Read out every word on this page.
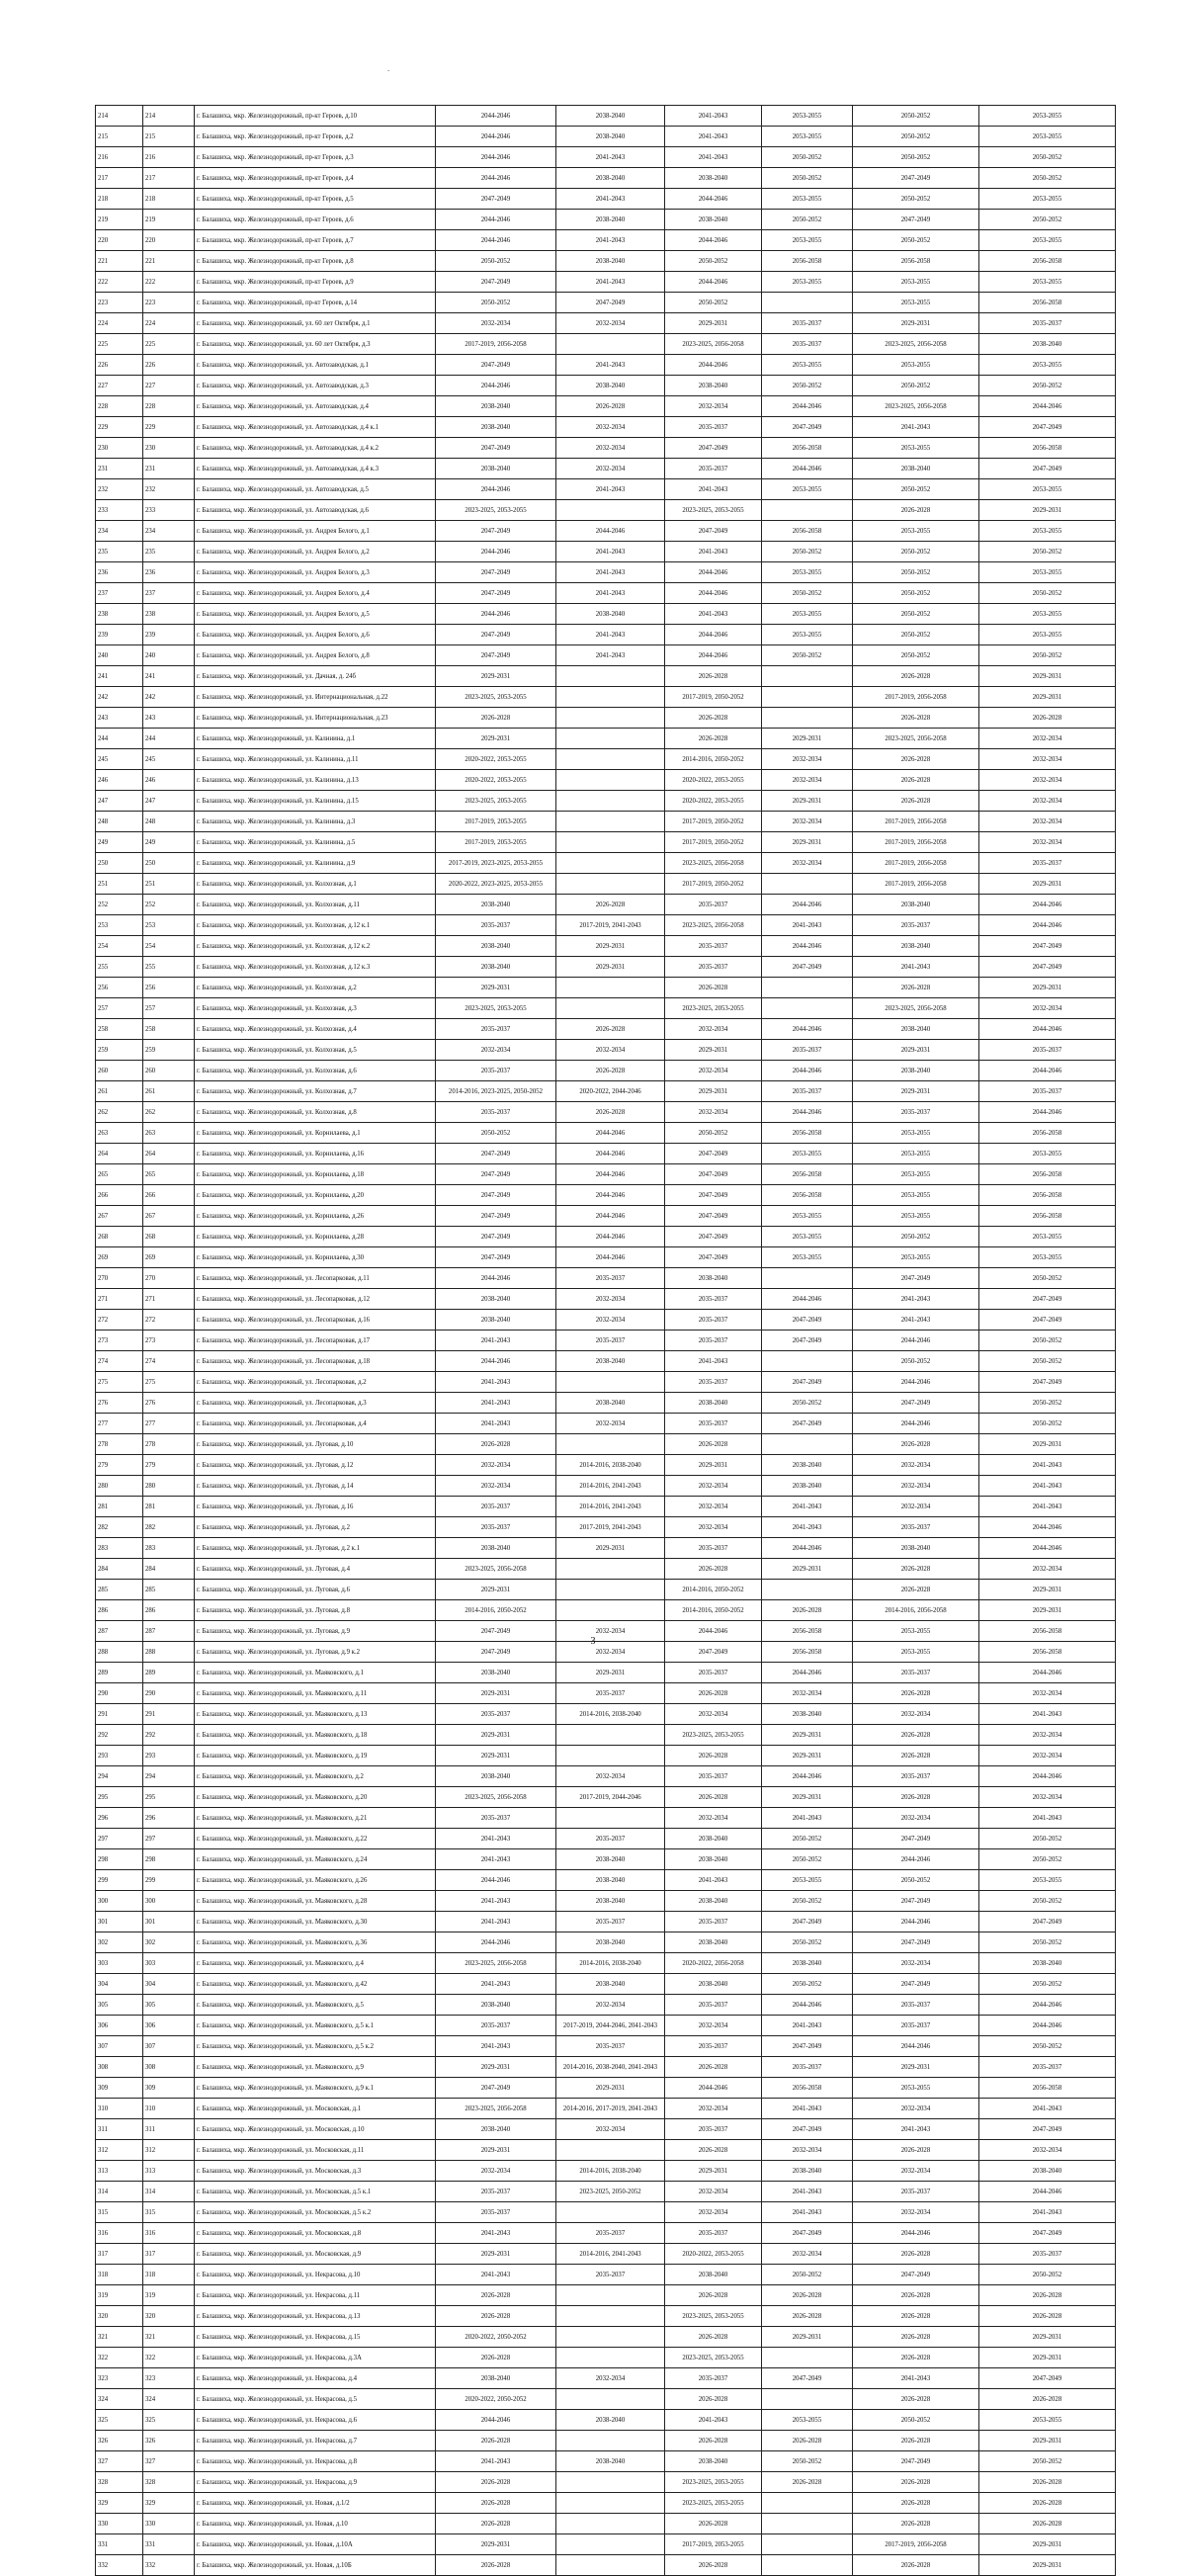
-
214	214	г. Балашиха, мкр. Железнодорожный, пр-кт Героев, д.10	2044-2046	2038-2040	2041-2043	2053-2055	2050-2052	2053-2055
215	215	г. Балашиха, мкр. Железнодорожный, пр-кт Героев, д.2	2044-2046	2038-2040	2041-2043	2053-2055	2050-2052	2053-2055
216	216	г. Балашиха, мкр. Железнодорожный, пр-кт Героев, д.3	2044-2046	2041-2043	2041-2043	2050-2052	2050-2052	2050-2052
217	217	г. Балашиха, мкр. Железнодорожный, пр-кт Героев, д.4	2044-2046	2038-2040	2038-2040	2050-2052	2047-2049	2050-2052
218	218	г. Балашиха, мкр. Железнодорожный, пр-кт Героев, д.5	2047-2049	2041-2043	2044-2046	2053-2055	2050-2052	2053-2055
219	219	г. Балашиха, мкр. Железнодорожный, пр-кт Героев, д.6	2044-2046	2038-2040	2038-2040	2050-2052	2047-2049	2050-2052
220	220	г. Балашиха, мкр. Железнодорожный, пр-кт Героев, д.7	2044-2046	2041-2043	2044-2046	2053-2055	2050-2052	2053-2055
221	221	г. Балашиха, мкр. Железнодорожный, пр-кт Героев, д.8	2050-2052	2038-2040	2050-2052	2056-2058	2056-2058	2056-2058
222	222	г. Балашиха, мкр. Железнодорожный, пр-кт Героев, д.9	2047-2049	2041-2043	2044-2046	2053-2055	2053-2055	2053-2055
223	223	г. Балашиха, мкр. Железнодорожный, пр-кт Героев, д.14	2050-2052	2047-2049	2050-2052		2053-2055	2056-2058
224	224	г. Балашиха, мкр. Железнодорожный, ул. 60 лет Октября, д.1	2032-2034	2032-2034	2029-2031	2035-2037	2029-2031	2035-2037
225	225	г. Балашиха, мкр. Железнодорожный, ул. 60 лет Октября, д.3	2017-2019, 2056-2058		2023-2025, 2056-2058	2035-2037	2023-2025, 2056-2058	2038-2040
226	226	г. Балашиха, мкр. Железнодорожный, ул. Автозаводская, д.1	2047-2049	2041-2043	2044-2046	2053-2055	2053-2055	2053-2055
227	227	г. Балашиха, мкр. Железнодорожный, ул. Автозаводская, д.3	2044-2046	2038-2040	2038-2040	2050-2052	2050-2052	2050-2052
228	228	г. Балашиха, мкр. Железнодорожный, ул. Автозаводская, д.4	2038-2040	2026-2028	2032-2034	2044-2046	2023-2025, 2056-2058	2044-2046
229	229	г. Балашиха, мкр. Железнодорожный, ул. Автозаводская, д.4 к.1	2038-2040	2032-2034	2035-2037	2047-2049	2041-2043	2047-2049
230	230	г. Балашиха, мкр. Железнодорожный, ул. Автозаводская, д.4 к.2	2047-2049	2032-2034	2047-2049	2056-2058	2053-2055	2056-2058
231	231	г. Балашиха, мкр. Железнодорожный, ул. Автозаводская, д.4 к.3	2038-2040	2032-2034	2035-2037	2044-2046	2038-2040	2047-2049
232	232	г. Балашиха, мкр. Железнодорожный, ул. Автозаводская, д.5	2044-2046	2041-2043	2041-2043	2053-2055	2050-2052	2053-2055
233	233	г. Балашиха, мкр. Железнодорожный, ул. Автозаводская, д.6	2023-2025, 2053-2055		2023-2025, 2053-2055		2026-2028	2029-2031
234	234	г. Балашиха, мкр. Железнодорожный, ул. Андрея Белого, д.1	2047-2049	2044-2046	2047-2049	2056-2058	2053-2055	2053-2055
235	235	г. Балашиха, мкр. Железнодорожный, ул. Андрея Белого, д.2	2044-2046	2041-2043	2041-2043	2050-2052	2050-2052	2050-2052
236	236	г. Балашиха, мкр. Железнодорожный, ул. Андрея Белого, д.3	2047-2049	2041-2043	2044-2046	2053-2055	2050-2052	2053-2055
237	237	г. Балашиха, мкр. Железнодорожный, ул. Андрея Белого, д.4	2047-2049	2041-2043	2044-2046	2050-2052	2050-2052	2050-2052
238	238	г. Балашиха, мкр. Железнодорожный, ул. Андрея Белого, д.5	2044-2046	2038-2040	2041-2043	2053-2055	2050-2052	2053-2055
239	239	г. Балашиха, мкр. Железнодорожный, ул. Андрея Белого, д.6	2047-2049	2041-2043	2044-2046	2053-2055	2050-2052	2053-2055
240	240	г. Балашиха, мкр. Железнодорожный, ул. Андрея Белого, д.8	2047-2049	2041-2043	2044-2046	2050-2052	2050-2052	2050-2052
241	241	г. Балашиха, мкр. Железнодорожный, ул. Дачная, д. 24б	2029-2031		2026-2028		2026-2028	2029-2031
242	242	г. Балашиха, мкр. Железнодорожный, ул. Интернациональная, д.22	2023-2025, 2053-2055		2017-2019, 2050-2052		2017-2019, 2056-2058	2029-2031
243	243	г. Балашиха, мкр. Железнодорожный, ул. Интернациональная, д.23	2026-2028		2026-2028		2026-2028	2026-2028
244	244	г. Балашиха, мкр. Железнодорожный, ул. Калинина, д.1	2029-2031		2026-2028	2029-2031	2023-2025, 2056-2058	2032-2034
245	245	г. Балашиха, мкр. Железнодорожный, ул. Калинина, д.11	2020-2022, 2053-2055		2014-2016, 2050-2052	2032-2034	2026-2028	2032-2034
246	246	г. Балашиха, мкр. Железнодорожный, ул. Калинина, д.13	2020-2022, 2053-2055		2020-2022, 2053-2055	2032-2034	2026-2028	2032-2034
247	247	г. Балашиха, мкр. Железнодорожный, ул. Калинина, д.15	2023-2025, 2053-2055		2020-2022, 2053-2055	2029-2031	2026-2028	2032-2034
248	248	г. Балашиха, мкр. Железнодорожный, ул. Калинина, д.3	2017-2019, 2053-2055		2017-2019, 2050-2052	2032-2034	2017-2019, 2056-2058	2032-2034
249	249	г. Балашиха, мкр. Железнодорожный, ул. Калинина, д.5	2017-2019, 2053-2055		2017-2019, 2050-2052	2029-2031	2017-2019, 2056-2058	2032-2034
250	250	г. Балашиха, мкр. Железнодорожный, ул. Калинина, д.9	2017-2019, 2023-2025, 2053-2055		2023-2025, 2056-2058	2032-2034	2017-2019, 2056-2058	2035-2037
251	251	г. Балашиха, мкр. Железнодорожный, ул. Колхозная, д.1	2020-2022, 2023-2025, 2053-2055		2017-2019, 2050-2052		2017-2019, 2056-2058	2029-2031
252	252	г. Балашиха, мкр. Железнодорожный, ул. Колхозная, д.11	2038-2040	2026-2028	2035-2037	2044-2046	2038-2040	2044-2046
253	253	г. Балашиха, мкр. Железнодорожный, ул. Колхозная, д.12 к.1	2035-2037	2017-2019, 2041-2043	2023-2025, 2056-2058	2041-2043	2035-2037	2044-2046
254	254	г. Балашиха, мкр. Железнодорожный, ул. Колхозная, д.12 к.2	2038-2040	2029-2031	2035-2037	2044-2046	2038-2040	2047-2049
255	255	г. Балашиха, мкр. Железнодорожный, ул. Колхозная, д.12 к.3	2038-2040	2029-2031	2035-2037	2047-2049	2041-2043	2047-2049
256	256	г. Балашиха, мкр. Железнодорожный, ул. Колхозная, д.2	2029-2031		2026-2028		2026-2028	2029-2031
257	257	г. Балашиха, мкр. Железнодорожный, ул. Колхозная, д.3	2023-2025, 2053-2055		2023-2025, 2053-2055		2023-2025, 2056-2058	2032-2034
258	258	г. Балашиха, мкр. Железнодорожный, ул. Колхозная, д.4	2035-2037	2026-2028	2032-2034	2044-2046	2038-2040	2044-2046
259	259	г. Балашиха, мкр. Железнодорожный, ул. Колхозная, д.5	2032-2034	2032-2034	2029-2031	2035-2037	2029-2031	2035-2037
260	260	г. Балашиха, мкр. Железнодорожный, ул. Колхозная, д.6	2035-2037	2026-2028	2032-2034	2044-2046	2038-2040	2044-2046
261	261	г. Балашиха, мкр. Железнодорожный, ул. Колхозная, д.7	2014-2016, 2023-2025, 2050-2052	2020-2022, 2044-2046	2029-2031	2035-2037	2029-2031	2035-2037
262	262	г. Балашиха, мкр. Железнодорожный, ул. Колхозная, д.8	2035-2037	2026-2028	2032-2034	2044-2046	2035-2037	2044-2046
263	263	г. Балашиха, мкр. Железнодорожный, ул. Корнилаева, д.1	2050-2052	2044-2046	2050-2052	2056-2058	2053-2055	2056-2058
264	264	г. Балашиха, мкр. Железнодорожный, ул. Корнилаева, д.16	2047-2049	2044-2046	2047-2049	2053-2055	2053-2055	2053-2055
265	265	г. Балашиха, мкр. Железнодорожный, ул. Корнилаева, д.18	2047-2049	2044-2046	2047-2049	2056-2058	2053-2055	2056-2058
266	266	г. Балашиха, мкр. Железнодорожный, ул. Корнилаева, д.20	2047-2049	2044-2046	2047-2049	2056-2058	2053-2055	2056-2058
267	267	г. Балашиха, мкр. Железнодорожный, ул. Корнилаева, д.26	2047-2049	2044-2046	2047-2049	2053-2055	2053-2055	2056-2058
268	268	г. Балашиха, мкр. Железнодорожный, ул. Корнилаева, д.28	2047-2049	2044-2046	2047-2049	2053-2055	2050-2052	2053-2055
269	269	г. Балашиха, мкр. Железнодорожный, ул. Корнилаева, д.30	2047-2049	2044-2046	2047-2049	2053-2055	2053-2055	2053-2055
270	270	г. Балашиха, мкр. Железнодорожный, ул. Лесопарковая, д.11	2044-2046	2035-2037	2038-2040		2047-2049	2050-2052
271	271	г. Балашиха, мкр. Железнодорожный, ул. Лесопарковая, д.12	2038-2040	2032-2034	2035-2037	2044-2046	2041-2043	2047-2049
272	272	г. Балашиха, мкр. Железнодорожный, ул. Лесопарковая, д.16	2038-2040	2032-2034	2035-2037	2047-2049	2041-2043	2047-2049
273	273	г. Балашиха, мкр. Железнодорожный, ул. Лесопарковая, д.17	2041-2043	2035-2037	2035-2037	2047-2049	2044-2046	2050-2052
274	274	г. Балашиха, мкр. Железнодорожный, ул. Лесопарковая, д.18	2044-2046	2038-2040	2041-2043		2050-2052	2050-2052
275	275	г. Балашиха, мкр. Железнодорожный, ул. Лесопарковая, д.2	2041-2043		2035-2037	2047-2049	2044-2046	2047-2049
276	276	г. Балашиха, мкр. Железнодорожный, ул. Лесопарковая, д.3	2041-2043	2038-2040	2038-2040	2050-2052	2047-2049	2050-2052
277	277	г. Балашиха, мкр. Железнодорожный, ул. Лесопарковая, д.4	2041-2043	2032-2034	2035-2037	2047-2049	2044-2046	2050-2052
278	278	г. Балашиха, мкр. Железнодорожный, ул. Луговая, д.10	2026-2028		2026-2028		2026-2028	2029-2031
279	279	г. Балашиха, мкр. Железнодорожный, ул. Луговая, д.12	2032-2034	2014-2016, 2038-2040	2029-2031	2038-2040	2032-2034	2041-2043
280	280	г. Балашиха, мкр. Железнодорожный, ул. Луговая, д.14	2032-2034	2014-2016, 2041-2043	2032-2034	2038-2040	2032-2034	2041-2043
281	281	г. Балашиха, мкр. Железнодорожный, ул. Луговая, д.16	2035-2037	2014-2016, 2041-2043	2032-2034	2041-2043	2032-2034	2041-2043
282	282	г. Балашиха, мкр. Железнодорожный, ул. Луговая, д.2	2035-2037	2017-2019, 2041-2043	2032-2034	2041-2043	2035-2037	2044-2046
283	283	г. Балашиха, мкр. Железнодорожный, ул. Луговая, д.2 к.1	2038-2040	2029-2031	2035-2037	2044-2046	2038-2040	2044-2046
284	284	г. Балашиха, мкр. Железнодорожный, ул. Луговая, д.4	2023-2025, 2056-2058		2026-2028	2029-2031	2026-2028	2032-2034
285	285	г. Балашиха, мкр. Железнодорожный, ул. Луговая, д.6	2029-2031		2014-2016, 2050-2052		2026-2028	2029-2031
286	286	г. Балашиха, мкр. Железнодорожный, ул. Луговая, д.8	2014-2016, 2050-2052		2014-2016, 2050-2052	2026-2028	2014-2016, 2056-2058	2029-2031
287	287	г. Балашиха, мкр. Железнодорожный, ул. Луговая, д.9	2047-2049	2032-2034	2044-2046	2056-2058	2053-2055	2056-2058
288	288	г. Балашиха, мкр. Железнодорожный, ул. Луговая, д.9 к.2	2047-2049	2032-2034	2047-2049	2056-2058	2053-2055	2056-2058
289	289	г. Балашиха, мкр. Железнодорожный, ул. Маяковского, д.1	2038-2040	2029-2031	2035-2037	2044-2046	2035-2037	2044-2046
290	290	г. Балашиха, мкр. Железнодорожный, ул. Маяковского, д.11	2029-2031	2035-2037	2026-2028	2032-2034	2026-2028	2032-2034
291	291	г. Балашиха, мкр. Железнодорожный, ул. Маяковского, д.13	2035-2037	2014-2016, 2038-2040	2032-2034	2038-2040	2032-2034	2041-2043
292	292	г. Балашиха, мкр. Железнодорожный, ул. Маяковского, д.18	2029-2031		2023-2025, 2053-2055	2029-2031	2026-2028	2032-2034
293	293	г. Балашиха, мкр. Железнодорожный, ул. Маяковского, д.19	2029-2031		2026-2028	2029-2031	2026-2028	2032-2034
294	294	г. Балашиха, мкр. Железнодорожный, ул. Маяковского, д.2	2038-2040	2032-2034	2035-2037	2044-2046	2035-2037	2044-2046
295	295	г. Балашиха, мкр. Железнодорожный, ул. Маяковского, д.20	2023-2025, 2056-2058	2017-2019, 2044-2046	2026-2028	2029-2031	2026-2028	2032-2034
296	296	г. Балашиха, мкр. Железнодорожный, ул. Маяковского, д.21	2035-2037		2032-2034	2041-2043	2032-2034	2041-2043
297	297	г. Балашиха, мкр. Железнодорожный, ул. Маяковского, д.22	2041-2043	2035-2037	2038-2040	2050-2052	2047-2049	2050-2052
298	298	г. Балашиха, мкр. Железнодорожный, ул. Маяковского, д.24	2041-2043	2038-2040	2038-2040	2050-2052	2044-2046	2050-2052
299	299	г. Балашиха, мкр. Железнодорожный, ул. Маяковского, д.26	2044-2046	2038-2040	2041-2043	2053-2055	2050-2052	2053-2055
300	300	г. Балашиха, мкр. Железнодорожный, ул. Маяковского, д.28	2041-2043	2038-2040	2038-2040	2050-2052	2047-2049	2050-2052
301	301	г. Балашиха, мкр. Железнодорожный, ул. Маяковского, д.30	2041-2043	2035-2037	2035-2037	2047-2049	2044-2046	2047-2049
302	302	г. Балашиха, мкр. Железнодорожный, ул. Маяковского, д.36	2044-2046	2038-2040	2038-2040	2050-2052	2047-2049	2050-2052
303	303	г. Балашиха, мкр. Железнодорожный, ул. Маяковского, д.4	2023-2025, 2056-2058	2014-2016, 2038-2040	2020-2022, 2056-2058	2038-2040	2032-2034	2038-2040
304	304	г. Балашиха, мкр. Железнодорожный, ул. Маяковского, д.42	2041-2043	2038-2040	2038-2040	2050-2052	2047-2049	2050-2052
305	305	г. Балашиха, мкр. Железнодорожный, ул. Маяковского, д.5	2038-2040	2032-2034	2035-2037	2044-2046	2035-2037	2044-2046
306	306	г. Балашиха, мкр. Железнодорожный, ул. Маяковского, д.5 к.1	2035-2037	2017-2019, 2044-2046, 2041-2043	2032-2034	2041-2043	2035-2037	2044-2046
307	307	г. Балашиха, мкр. Железнодорожный, ул. Маяковского, д.5 к.2	2041-2043	2035-2037	2035-2037	2047-2049	2044-2046	2050-2052
308	308	г. Балашиха, мкр. Железнодорожный, ул. Маяковского, д.9	2029-2031	2014-2016, 2038-2040, 2041-2043	2026-2028	2035-2037	2029-2031	2035-2037
309	309	г. Балашиха, мкр. Железнодорожный, ул. Маяковского, д.9 к.1	2047-2049	2029-2031	2044-2046	2056-2058	2053-2055	2056-2058
310	310	г. Балашиха, мкр. Железнодорожный, ул. Московская, д.1	2023-2025, 2056-2058	2014-2016, 2017-2019, 2041-2043	2032-2034	2041-2043	2032-2034	2041-2043
311	311	г. Балашиха, мкр. Железнодорожный, ул. Московская, д.10	2038-2040	2032-2034	2035-2037	2047-2049	2041-2043	2047-2049
312	312	г. Балашиха, мкр. Железнодорожный, ул. Московская, д.11	2029-2031		2026-2028	2032-2034	2026-2028	2032-2034
313	313	г. Балашиха, мкр. Железнодорожный, ул. Московская, д.3	2032-2034	2014-2016, 2038-2040	2029-2031	2038-2040	2032-2034	2038-2040
314	314	г. Балашиха, мкр. Железнодорожный, ул. Московская, д.5 к.1	2035-2037	2023-2025, 2050-2052	2032-2034	2041-2043	2035-2037	2044-2046
315	315	г. Балашиха, мкр. Железнодорожный, ул. Московская, д.5 к.2	2035-2037		2032-2034	2041-2043	2032-2034	2041-2043
316	316	г. Балашиха, мкр. Железнодорожный, ул. Московская, д.8	2041-2043	2035-2037	2035-2037	2047-2049	2044-2046	2047-2049
317	317	г. Балашиха, мкр. Железнодорожный, ул. Московская, д.9	2029-2031	2014-2016, 2041-2043	2020-2022, 2053-2055	2032-2034	2026-2028	2035-2037
318	318	г. Балашиха, мкр. Железнодорожный, ул. Некрасова, д.10	2041-2043	2035-2037	2038-2040	2050-2052	2047-2049	2050-2052
319	319	г. Балашиха, мкр. Железнодорожный, ул. Некрасова, д.11	2026-2028		2026-2028	2026-2028	2026-2028	2026-2028
320	320	г. Балашиха, мкр. Железнодорожный, ул. Некрасова, д.13	2026-2028		2023-2025, 2053-2055	2026-2028	2026-2028	2026-2028
321	321	г. Балашиха, мкр. Железнодорожный, ул. Некрасова, д.15	2020-2022, 2050-2052		2026-2028	2029-2031	2026-2028	2029-2031
322	322	г. Балашиха, мкр. Железнодорожный, ул. Некрасова, д.3А	2026-2028		2023-2025, 2053-2055		2026-2028	2029-2031
323	323	г. Балашиха, мкр. Железнодорожный, ул. Некрасова, д.4	2038-2040	2032-2034	2035-2037	2047-2049	2041-2043	2047-2049
324	324	г. Балашиха, мкр. Железнодорожный, ул. Некрасова, д.5	2020-2022, 2050-2052		2026-2028		2026-2028	2026-2028
325	325	г. Балашиха, мкр. Железнодорожный, ул. Некрасова, д.6	2044-2046	2038-2040	2041-2043	2053-2055	2050-2052	2053-2055
326	326	г. Балашиха, мкр. Железнодорожный, ул. Некрасова, д.7	2026-2028		2026-2028	2026-2028	2026-2028	2029-2031
327	327	г. Балашиха, мкр. Железнодорожный, ул. Некрасова, д.8	2041-2043	2038-2040	2038-2040	2050-2052	2047-2049	2050-2052
328	328	г. Балашиха, мкр. Железнодорожный, ул. Некрасова, д.9	2026-2028		2023-2025, 2053-2055	2026-2028	2026-2028	2026-2028
329	329	г. Балашиха, мкр. Железнодорожный, ул. Новая, д.1/2	2026-2028		2023-2025, 2053-2055		2026-2028	2026-2028
330	330	г. Балашиха, мкр. Железнодорожный, ул. Новая, д.10	2026-2028		2026-2028		2026-2028	2026-2028
331	331	г. Балашиха, мкр. Железнодорожный, ул. Новая, д.10А	2029-2031		2017-2019, 2053-2055		2017-2019, 2056-2058	2029-2031
332	332	г. Балашиха, мкр. Железнодорожный, ул. Новая, д.10Б	2026-2028		2026-2028		2026-2028	2029-2031
3
